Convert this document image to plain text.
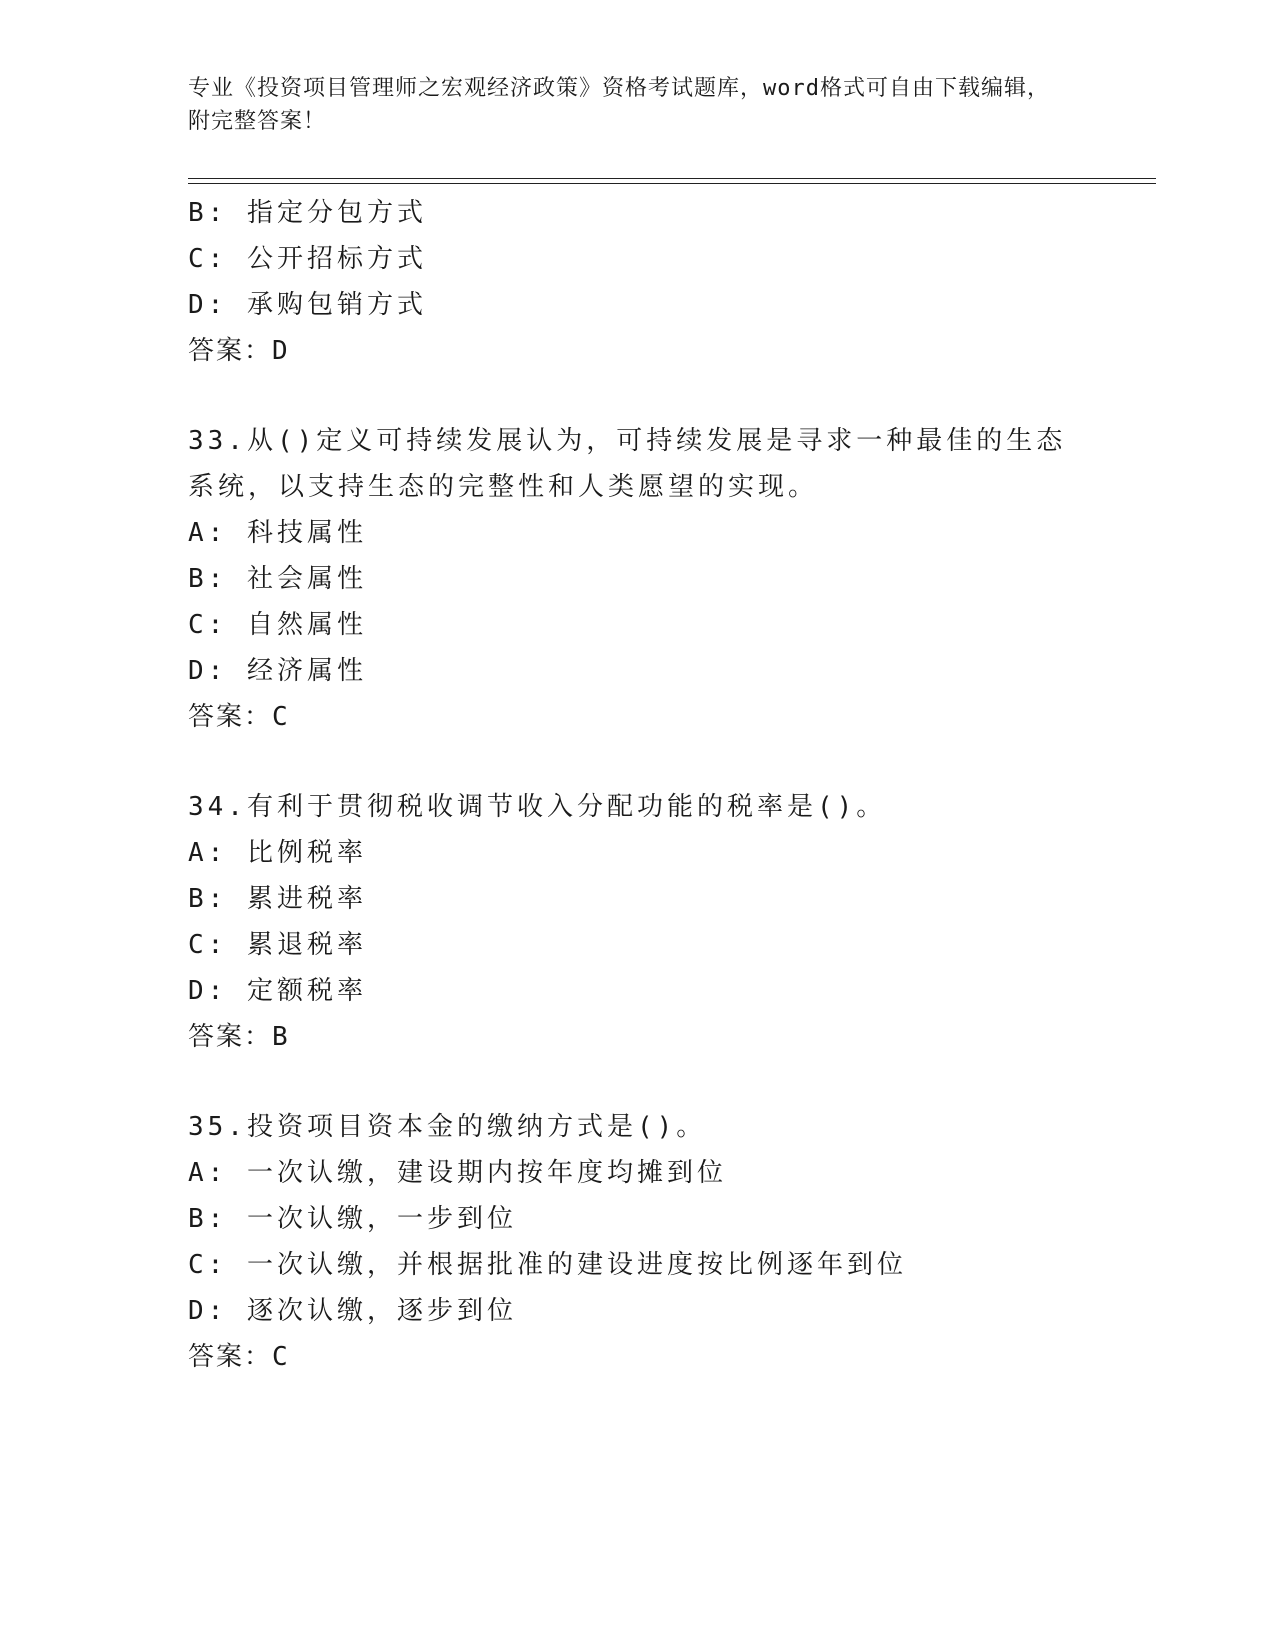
专业《投资项目管理师之宏观经济政策》资格考试题库，word格式可自由下载编辑，附完整答案！
B: 指定分包方式
C: 公开招标方式
D: 承购包销方式
答案：D
33.从()定义可持续发展认为，可持续发展是寻求一种最佳的生态系统，以支持生态的完整性和人类愿望的实现。
A: 科技属性
B: 社会属性
C: 自然属性
D: 经济属性
答案：C
34.有利于贯彻税收调节收入分配功能的税率是()。
A: 比例税率
B: 累进税率
C: 累退税率
D: 定额税率
答案：B
35.投资项目资本金的缴纳方式是()。
A: 一次认缴，建设期内按年度均摊到位
B: 一次认缴，一步到位
C: 一次认缴，并根据批准的建设进度按比例逐年到位
D: 逐次认缴，逐步到位
答案：C
